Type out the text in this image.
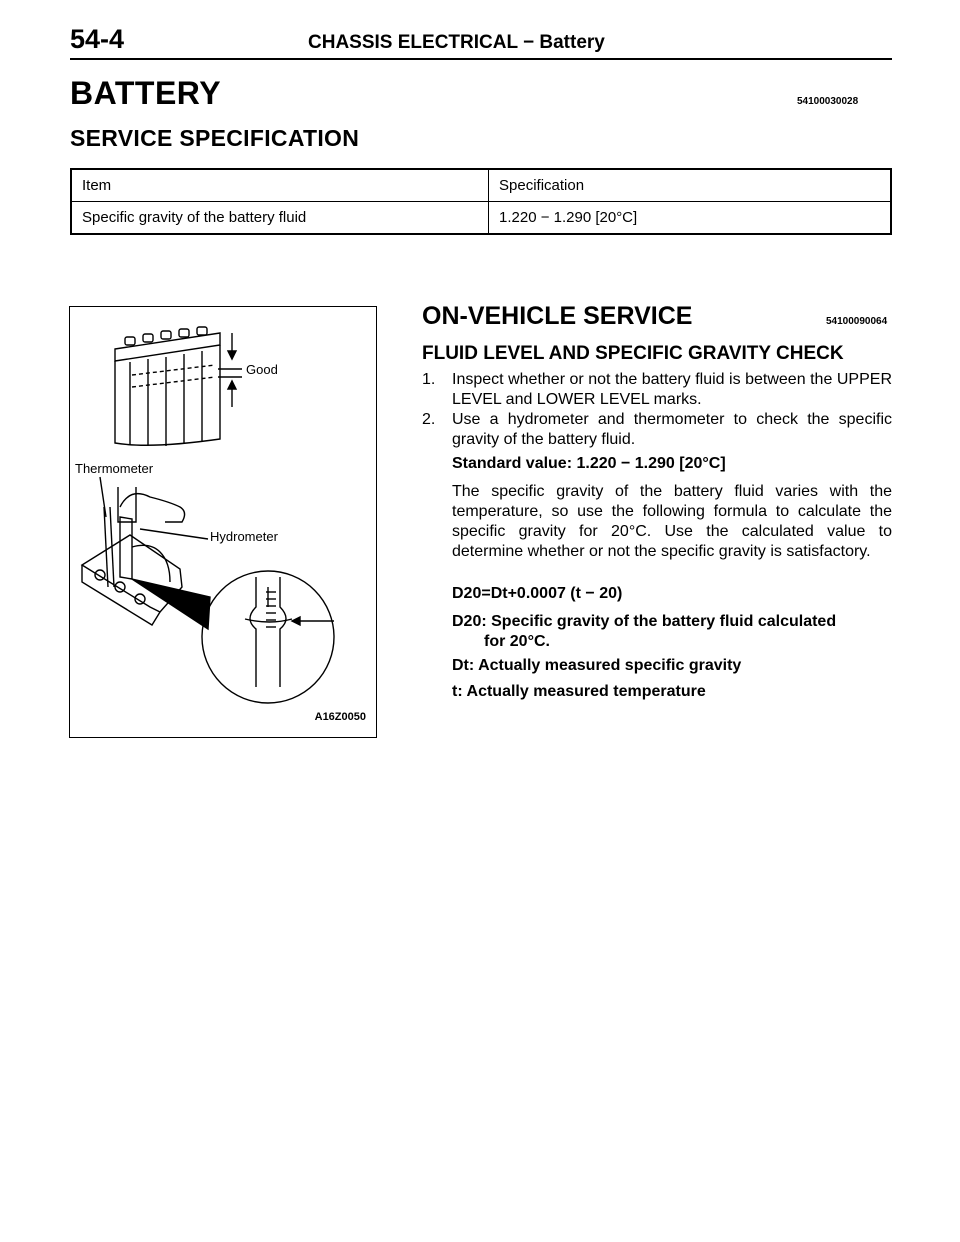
54-4	CHASSIS ELECTRICAL − Battery
BATTERY	54100030028
SERVICE SPECIFICATION
Item	Specification
Specific gravity of the battery fluid	1.220 − 1.290 [20°C]
Good
Thermometer
Hydrometer
A16Z0050
ON-VEHICLE SERVICE	54100090064
FLUID LEVEL AND SPECIFIC GRAVITY CHECK
1. Inspect whether or not the battery fluid is between the UPPER LEVEL and LOWER LEVEL marks.
2. Use a hydrometer and thermometer to check the specific gravity of the battery fluid.
Standard value: 1.220 − 1.290 [20°C]
The specific gravity of the battery fluid varies with the temperature, so use the following formula to calculate the specific gravity for 20°C. Use the calculated value to determine whether or not the specific gravity is satisfactory.
D20=Dt+0.0007 (t − 20)
D20: Specific gravity of the battery fluid calculated
for 20°C.
Dt: Actually measured specific gravity
t: Actually measured temperature
